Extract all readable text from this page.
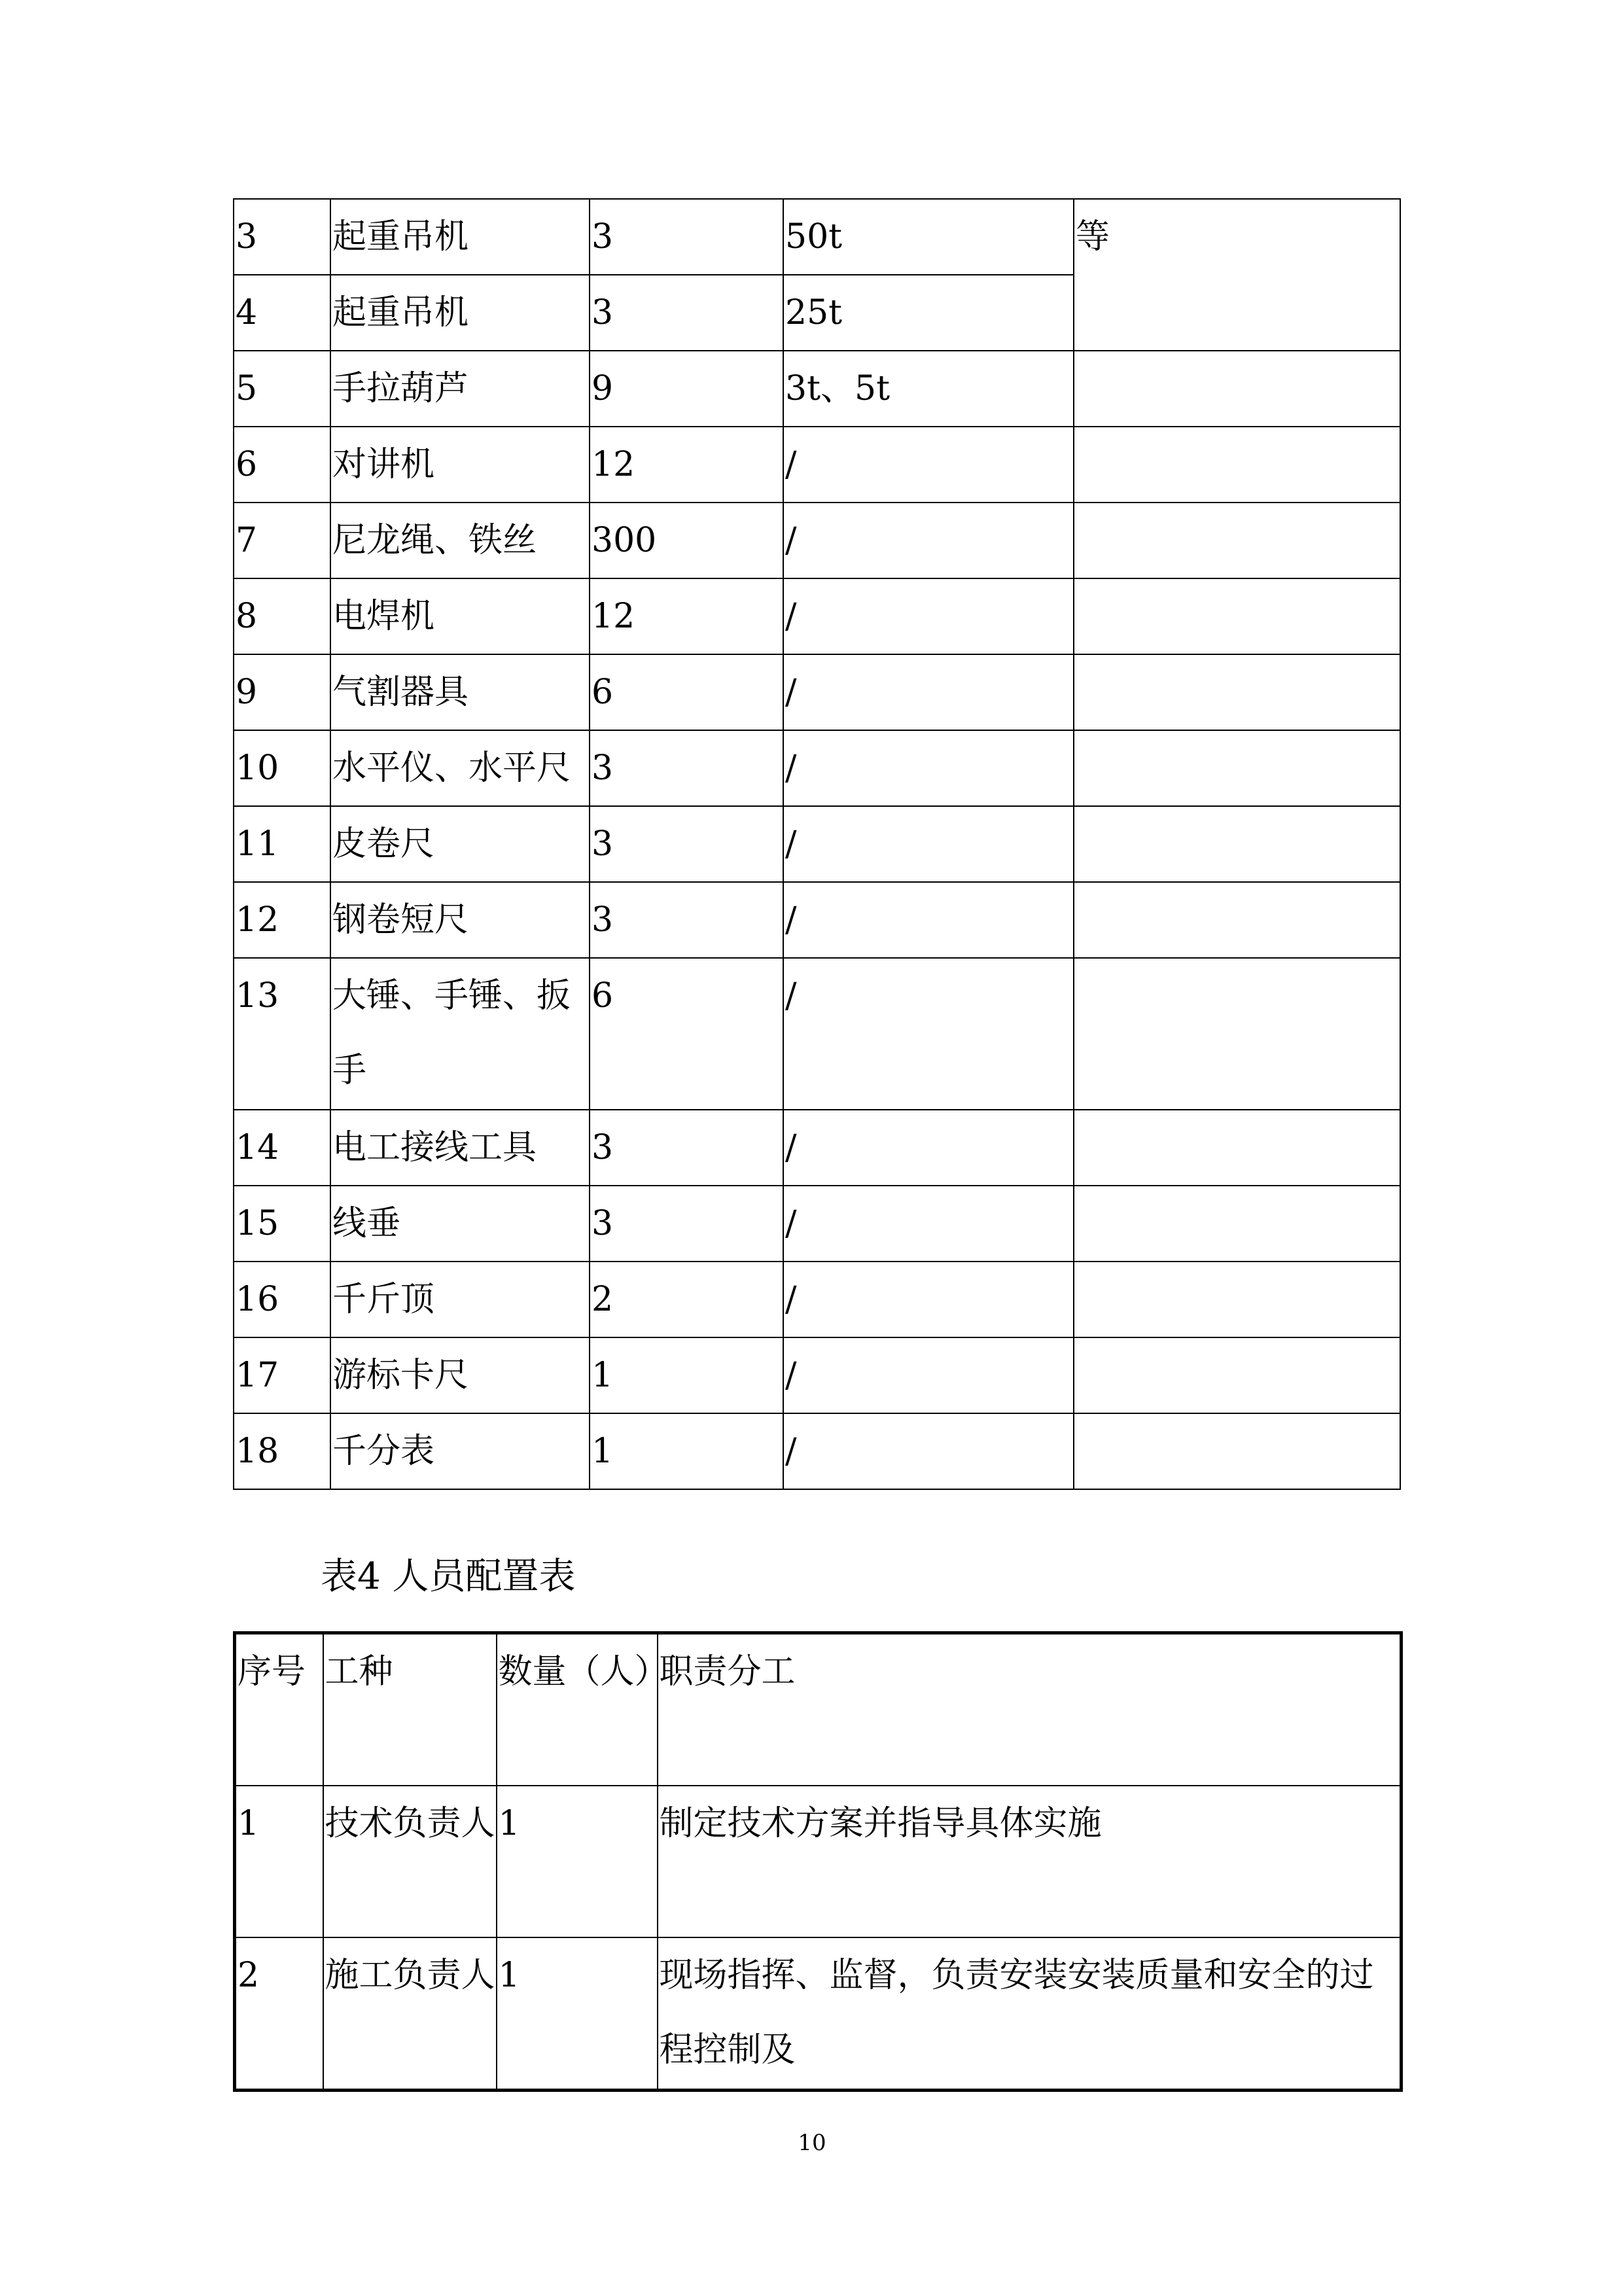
3	起重吊机	3	50t	等
4	起重吊机	3	25t	
5	手拉葫芦	9	3t、5t	
6	对讲机	12	/	
7	尼龙绳、铁丝	300	/	
8	电焊机	12	/	
9	气割器具	6	/	
10	水平仪、水平尺	3	/	
11	皮卷尺	3	/	
12	钢卷短尺	3	/	
13	大锤、手锤、扳手	6	/	
14	电工接线工具	3	/	
15	线垂	3	/	
16	千斤顶	2	/	
17	游标卡尺	1	/	
18	千分表	1	/	
表4 人员配置表
序号	工种	数量（人）	职责分工
1	技术负责人	1	制定技术方案并指导具体实施
2	施工负责人	1	现场指挥、监督，负责安装安装质量和安全的过程控制及
10
